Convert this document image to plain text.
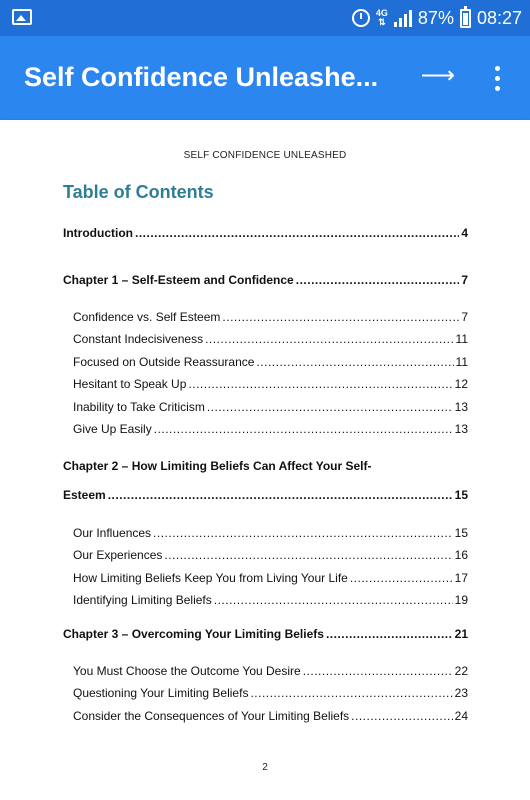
4G
⇅ 87% 08:27
Self Confidence Unleashe... ⟶
SELF CONFIDENCE UNLEASHED
Table of Contents
Introduction .....	4
Chapter 1 – Self-Esteem and Confidence .....	7
Confidence vs. Self Esteem .....	7
Constant Indecisiveness .....	11
Focused on Outside Reassurance .....	11
Hesitant to Speak Up .....	12
Inability to Take Criticism .....	13
Give Up Easily .....	13
Chapter 2 – How Limiting Beliefs Can Affect Your Self-
Esteem .....	15
Our Influences .....	15
Our Experiences .....	16
How Limiting Beliefs Keep You from Living Your Life .....	17
Identifying Limiting Beliefs .....	19
Chapter 3 – Overcoming Your Limiting Beliefs .....	21
You Must Choose the Outcome You Desire .....	22
Questioning Your Limiting Beliefs .....	23
Consider the Consequences of Your Limiting Beliefs .....	24
2
